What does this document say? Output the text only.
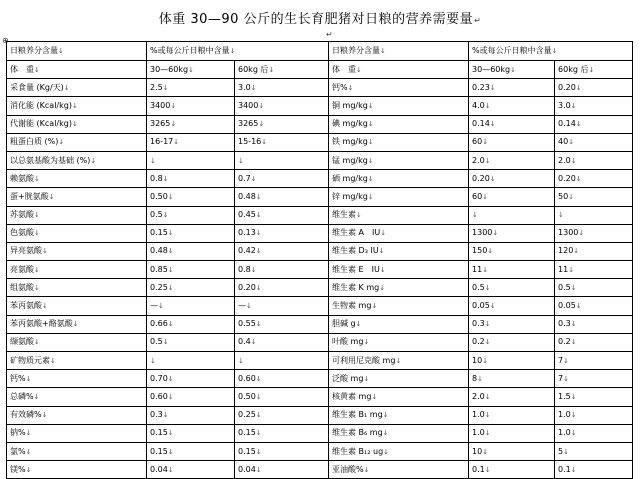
体重 30—90 公斤的生长育肥猪对日粮的营养需要量↵
↵
⊕
日粮养分含量↓	%或每公斤日粮中含量↓		日粮养分含量↓	%或每公斤日粮中含量↓	
体　重↓	30—60kg↓	60kg 后↓	体　重↓	30—60kg↓	60kg 后↓
采食量 (Kg/天)↓	2.5↓	3.0↓	钙%↓	0.23↓	0.20↓
消化能 (Kcal/kg)↓	3400↓	3400↓	铜 mg/kg↓	4.0↓	3.0↓
代谢能 (Kcal/kg)↓	3265↓	3265↓	碘 mg/kg↓	0.14↓	0.14↓
粗蛋白质 (%)↓	16-17↓	15-16↓	铁 mg/kg↓	60↓	40↓
以总氨基酸为基础 (%)↓	↓	↓	锰 mg/kg↓	2.0↓	2.0↓
赖氨酸↓	0.8↓	0.7↓	硒 mg/kg↓	0.20↓	0.20↓
蛋+胱氨酸↓	0.50↓	0.48↓	锌 mg/kg↓	60↓	50↓
苏氨酸↓	0.5↓	0.45↓	维生素↓	↓	↓
色氨酸↓	0.15↓	0.13↓	维生素 A　IU↓	1300↓	1300↓
异亮氨酸↓	0.48↓	0.42↓	维生素 D₃ IU↓	150↓	120↓
亮氨酸↓	0.85↓	0.8↓	维生素 E　IU↓	11↓	11↓
组氨酸↓	0.25↓	0.20↓	维生素 K mg↓	0.5↓	0.5↓
苯丙氨酸↓	—↓	—↓	生物素 mg↓	0.05↓	0.05↓
苯丙氨酸+酪氨酸↓	0.66↓	0.55↓	胆碱 g↓	0.3↓	0.3↓
缬氨酸↓	0.5↓	0.4↓	叶酸 mg↓	0.2↓	0.2↓
矿物质元素↓	↓	↓	可利用尼克酸 mg↓	10↓	7↓
钙%↓	0.70↓	0.60↓	泛酸 mg↓	8↓	7↓
总磷%↓	0.60↓	0.50↓	核黄素 mg↓	2.0↓	1.5↓
有效磷%↓	0.3↓	0.25↓	维生素 B₁ mg↓	1.0↓	1.0↓
钠%↓	0.15↓	0.15↓	维生素 B₆ mg↓	1.0↓	1.0↓
氯%↓	0.15↓	0.15↓	维生素 B₁₂ ug↓	10↓	5↓
镁%↓	0.04↓	0.04↓	亚油酸%↓	0.1↓	0.1↓
